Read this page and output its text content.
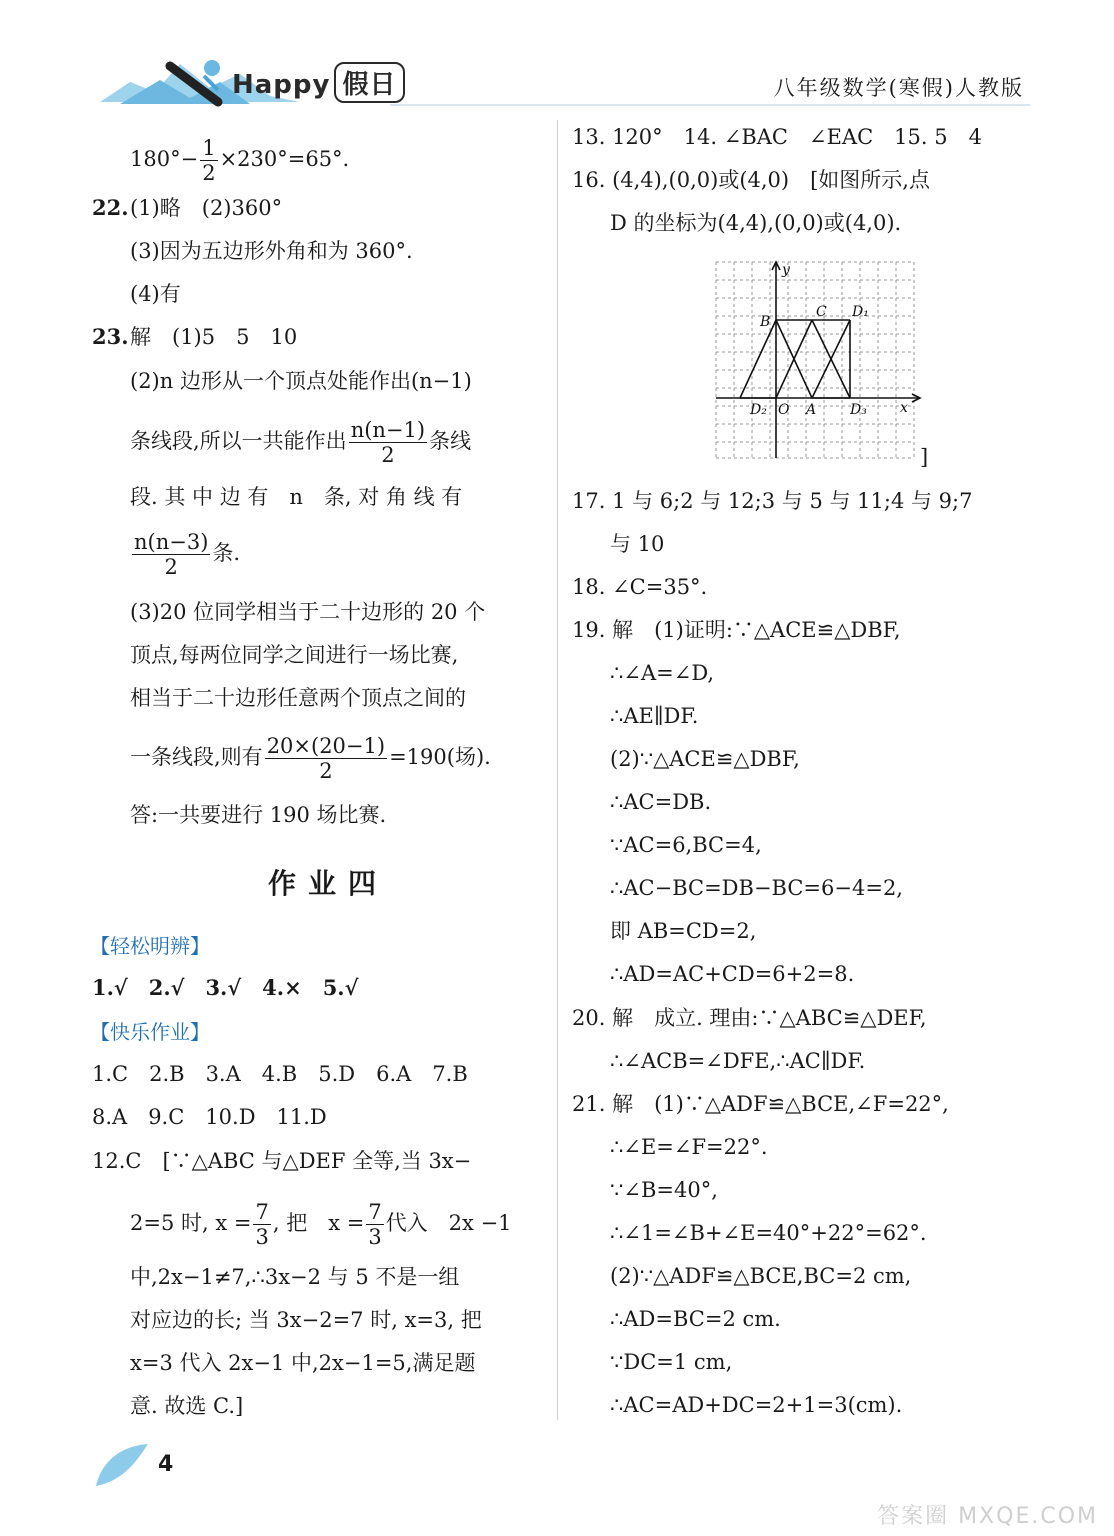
Happy 假日	八年级数学(寒假)人教版
$180^\circ- \frac{1}{2} \times 230^\circ=65^\circ$.
22. (1)略　(2)360°
(3)因为五边形外角和为 360°.
(4)有
23. 解　(1)5　5　10
(2)n 边形从一个顶点处能作出(n−1)
条线段,所以一共能作出 $\frac{n(n-1)}{2}$ 条线
段. 其 中 边 有　n　条, 对 角 线 有
$\frac{n(n-3)}{2}$ 条.
(3)20 位同学相当于二十边形的 20 个
顶点,每两位同学之间进行一场比赛,
相当于二十边形任意两个顶点之间的
一条线段,则有 $\frac{20\times(20-1)}{2} =190$(场).
答:一共要进行 190 场比赛.
作业四
【轻松明辨】
1.√　2.√　3.√　4.×　5.√
【快乐作业】
1.C　2.B　3.A　4.B　5.D　6.A　7.B
8.A　9.C　10.D　11.D
12.C　[∵△ABC 与△DEF 全等,当 3x−
2=5 时, $x = \frac{7}{3}$ , 把　$x = \frac{7}{3}$ 代入　2x −1
中,2x−1≠7,∴3x−2 与 5 不是一组
对应边的长; 当 3x−2=7 时, x=3, 把
x=3 代入 2x−1 中,2x−1=5,满足题
意. 故选 C.]
13. 120°　14. ∠BAC　∠EAC　15. 5　4
16. (4,4),(0,0)或(4,0)　[如图所示,点
D 的坐标为(4,4),(0,0)或(4,0).
y
x
B
C D₁
D₂ O A D₃
]
17. 1 与 6;2 与 12;3 与 5 与 11;4 与 9;7
与 10
18. ∠C=35°.
19. 解　(1)证明:∵△ACE≌△DBF,
∴∠A=∠D,
∴AE∥DF.
(2)∵△ACE≌△DBF,
∴AC=DB.
∵AC=6,BC=4,
∴AC−BC=DB−BC=6−4=2,
即 AB=CD=2,
∴AD=AC+CD=6+2=8.
20. 解　成立. 理由:∵△ABC≌△DEF,
∴∠ACB=∠DFE,∴AC∥DF.
21. 解　(1)∵△ADF≌△BCE,∠F=22°,
∴∠E=∠F=22°.
∵∠B=40°,
∴∠1=∠B+∠E=40°+22°=62°.
(2)∵△ADF≌△BCE,BC=2 cm,
∴AD=BC=2 cm.
∵DC=1 cm,
∴AC=AD+DC=2+1=3(cm).
4
答案圈 MXQE.COM
